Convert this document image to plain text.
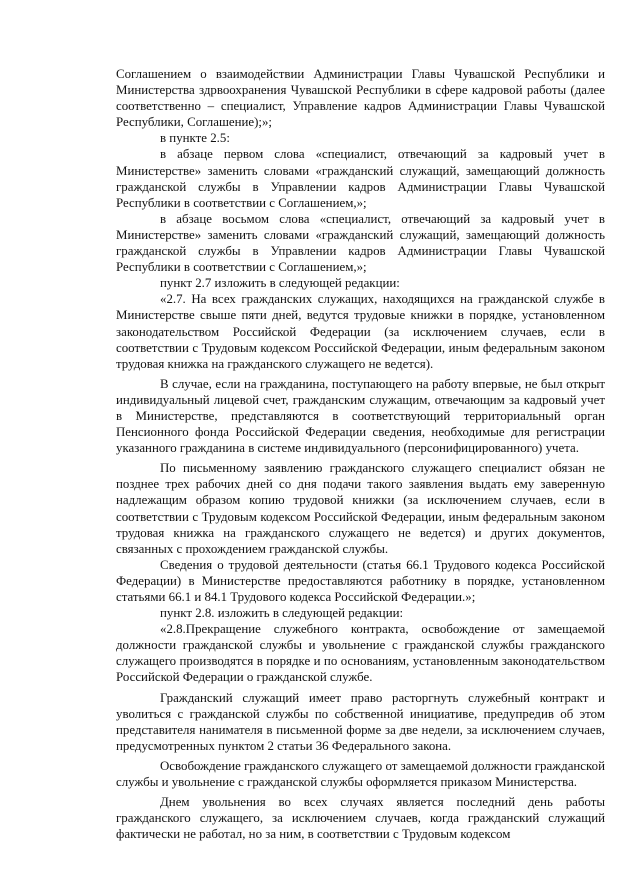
Соглашением о взаимодействии Администрации Главы Чувашской Республики и Министерства здрвоохранения Чувашской Республики в сфере кадровой работы (далее соответственно – специалист, Управление кадров Администрации Главы Чувашской Республики, Соглашение);»;

в пункте 2.5:

в абзаце первом слова «специалист, отвечающий за кадровый учет в Министерстве» заменить словами «гражданский служащий, замещающий должность гражданской службы в Управлении кадров Администрации Главы Чувашской Республики в соответствии с Соглашением,»;

в абзаце восьмом слова «специалист, отвечающий за кадровый учет в Министерстве» заменить словами «гражданский служащий, замещающий должность гражданской службы в Управлении кадров Администрации Главы Чувашской Республики в соответствии с Соглашением,»;

пункт 2.7 изложить в следующей редакции:

«2.7. На всех гражданских служащих, находящихся на гражданской службе в Министерстве свыше пяти дней, ведутся трудовые книжки в порядке, установленном законодательством Российской Федерации (за исключением случаев, если в соответствии с Трудовым кодексом Российской Федерации, иным федеральным законом трудовая книжка на гражданского служащего не ведется).

В случае, если на гражданина, поступающего на работу впервые, не был открыт индивидуальный лицевой счет, гражданским служащим, отвечающим за кадровый учет в Министерстве, представляются в соответствующий территориальный орган Пенсионного фонда Российской Федерации сведения, необходимые для регистрации указанного гражданина в системе индивидуального (персонифицированного) учета.

По письменному заявлению гражданского служащего специалист обязан не позднее трех рабочих дней со дня подачи такого заявления выдать ему заверенную надлежащим образом копию трудовой книжки (за исключением случаев, если в соответствии с Трудовым кодексом Российской Федерации, иным федеральным законом трудовая книжка на гражданского служащего не ведется) и других документов, связанных с прохождением гражданской службы.

Сведения о трудовой деятельности (статья 66.1 Трудового кодекса Российской Федерации) в Министерстве предоставляются работнику в порядке, установленном статьями 66.1 и 84.1 Трудового кодекса Российской Федерации.»;

пункт 2.8. изложить в следующей редакции:

«2.8.Прекращение служебного контракта, освобождение от замещаемой должности гражданской службы и увольнение с гражданской службы гражданского служащего производятся в порядке и по основаниям, установленным законодательством Российской Федерации о гражданской службе.

Гражданский служащий имеет право расторгнуть служебный контракт и уволиться с гражданской службы по собственной инициативе, предупредив об этом представителя нанимателя в письменной форме за две недели, за исключением случаев, предусмотренных пунктом 2 статьи 36 Федерального закона.

Освобождение гражданского служащего от замещаемой должности гражданской службы и увольнение с гражданской службы оформляется приказом Министерства.

Днем увольнения во всех случаях является последний день работы гражданского служащего, за исключением случаев, когда гражданский служащий фактически не работал, но за ним, в соответствии с Трудовым кодексом
